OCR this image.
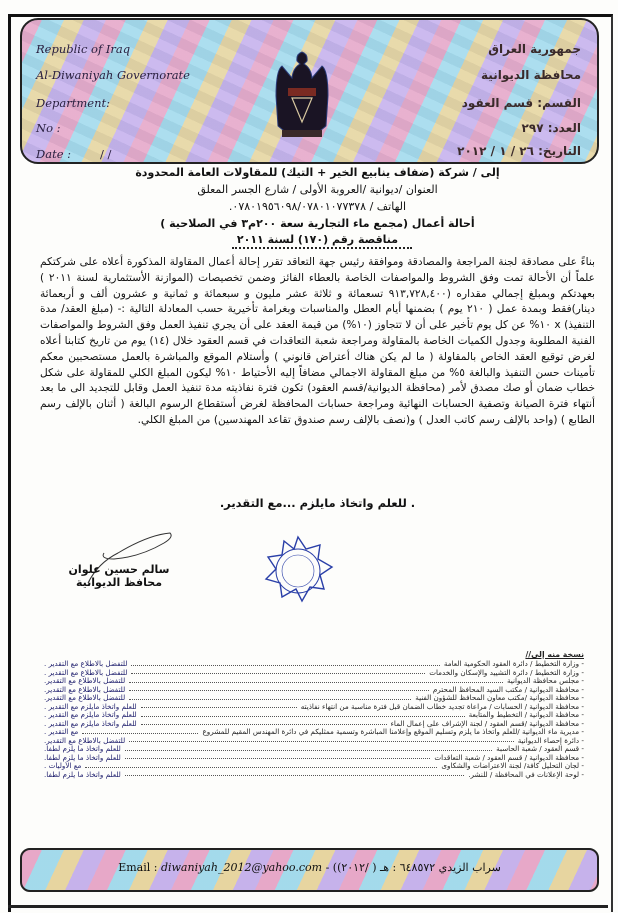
Republic of Iraq
Al-Diwaniyah Governorate
Department:
No :
Date :	/ /
جمهورية العراق
محافظة الديوانية
القسم: قسم العقود
العدد: ٢٩٧
التاريخ: ٢٦ / ١ / ٢٠١٢
إلى / شركة (ضفاف ينابيع الخير + التيك) للمقاولات العامة المحدودة
العنوان /ديوانية /العروبة الأولى / شارع الجسر المعلق
الهاتف / ٠٧٨٠١٩٥٦٠٩٨/٠٧٨٠١٠٧٧٣٧٨.
أحالة أعمال (مجمع ماء التجارية سعة ٢٠٠م٣ في الصلاحية )
مناقصة رقم (١٧٠) لسنة ٢٠١١
بناءً على مصادقة لجنة المراجعة والمصادقة وموافقة رئيس جهة التعاقد تقرر إحالة أعمال المقاولة المذكورة أعلاه على شركتكم علماً أن الأحالة تمت وفق الشروط والمواصفات الخاصة بالعطاء الفائز وضمن تخصيصات (الموازنة الأستثمارية لسنة ٢٠١١ ) بعهدتكم وبمبلغ إجمالي مقداره (٩١٣,٧٢٨,٤٠٠ تسعمائة و ثلاثة عشر مليون و سبعمائة و ثمانية و عشرون ألف و أربعمائة دينار)فقط وبمدة عمل ( ٢١٠ يوم ) بضمنها أيام العطل والمناسبات وبغرامة تأخيرية حسب المعادلة التالية :- (مبلغ العقد/ مدة التنفيذ) x ١٠% عن كل يوم تأخير على أن لا تتجاوز (١٠%) من قيمة العقد على أن يجري تنفيذ العمل وفق الشروط والمواصفات الفنية المطلوبة وجدول الكميات الخاصة بالمقاولة ومراجعة شعبة التعاقدات في قسم العقود خلال (١٤) يوم من تاريخ كتابنا أعلاه لغرض توقيع العقد الخاص بالمقاولة ( ما لم يكن هناك أعتراض قانوني ) وأستلام الموقع والمباشرة بالعمل مستصحبين معكم تأمينات حسن التنفيذ والبالغة ٥% من مبلغ المقاولة الاجمالي مضافاً إليه الأحتياط ١٠% ليكون المبلغ الكلي للمقاولة على شكل خطاب ضمان أو صك مصدق لأمر (محافظة الديوانية/قسم العقود) تكون فترة نفاذيته مدة تنفيذ العمل وقابل للتجديد الى ما بعد أنتهاء فترة الصيانة وتصفية الحسابات النهائية ومراجعة حسابات المحافظة لغرض أستقطاع الرسوم البالغة ( أثنان بالإلف رسم الطابع ) (واحد بالإلف رسم كاتب العدل ) و(نصف بالإلف رسم صندوق تقاعد المهندسين) من المبلغ الكلي.
. للعلم واتخاذ مايلزم ...مع التقدير.
سالم حسين علوان
محافظ الديوانية
نسخة منه إلى//
- وزارة التخطيط / دائرة العقود الحكومية العامة
للتفضل بالاطلاع مع التقدير .
- وزارة التخطيط / دائرة التشييد والإسكان والخدمات
للتفضل بالاطلاع مع التقدير .
- مجلس محافظة الديوانية
للتفضل بالاطلاع مع التقدير.
- محافظة الديوانية / مكتب السيد المحافظ المحترم
للتفضل بالاطلاع مع التقدير.
- محافظة الديوانية /مكتب معاون المحافظ للشؤون الفنية
للتفضل بالاطلاع مع التقدير.
- محافظة الديوانية / الحسابات / مراعاة تجديد خطاب الضمان قبل فترة مناسبة من انتهاء نفاذيته
للعلم واتخاذ مايلزم مع التقدير .
- محافظة الديوانية / التخطيط والمتابعة
للعلم واتخاذ مايلزم مع التقدير .
- محافظة الديوانية /قسم العقود / لجنة الإشراف على إعمال الماء
للعلم واتخاذ مايلزم مع التقدير .
- مديرية ماء الديوانية /للعلم واتخاذ ما يلزم وتسليم الموقع وإعلامنا المباشرة وتسمية ممثليكم في دائرة المهندس المقيم للمشروع
مع التقدير .
- دائرة إحصاء الديوانية
للتفضل بالاطلاع مع التقدير.
- قسم العقود / شعبة الحاسبة
للعلم واتخاذ ما يلزم لطفا.
- محافظة الديوانية / قسم العقود / شعبة التعاقدات
للعلم واتخاذ ما يلزم لطفا.
- لجان التحليل كافة/ لجنة الاعتراضات والشكاوى
مع الأوليات .
- لوحة الإعلانات في المحافظة / للنشر.
للعلم واتخاذ ما يلزم لطفا.
Email : diwaniyah_2012@yahoo.com - ((٢٠١٢/ ) سراب الزيدي ٦٤٨٥٧٢ : هـ
